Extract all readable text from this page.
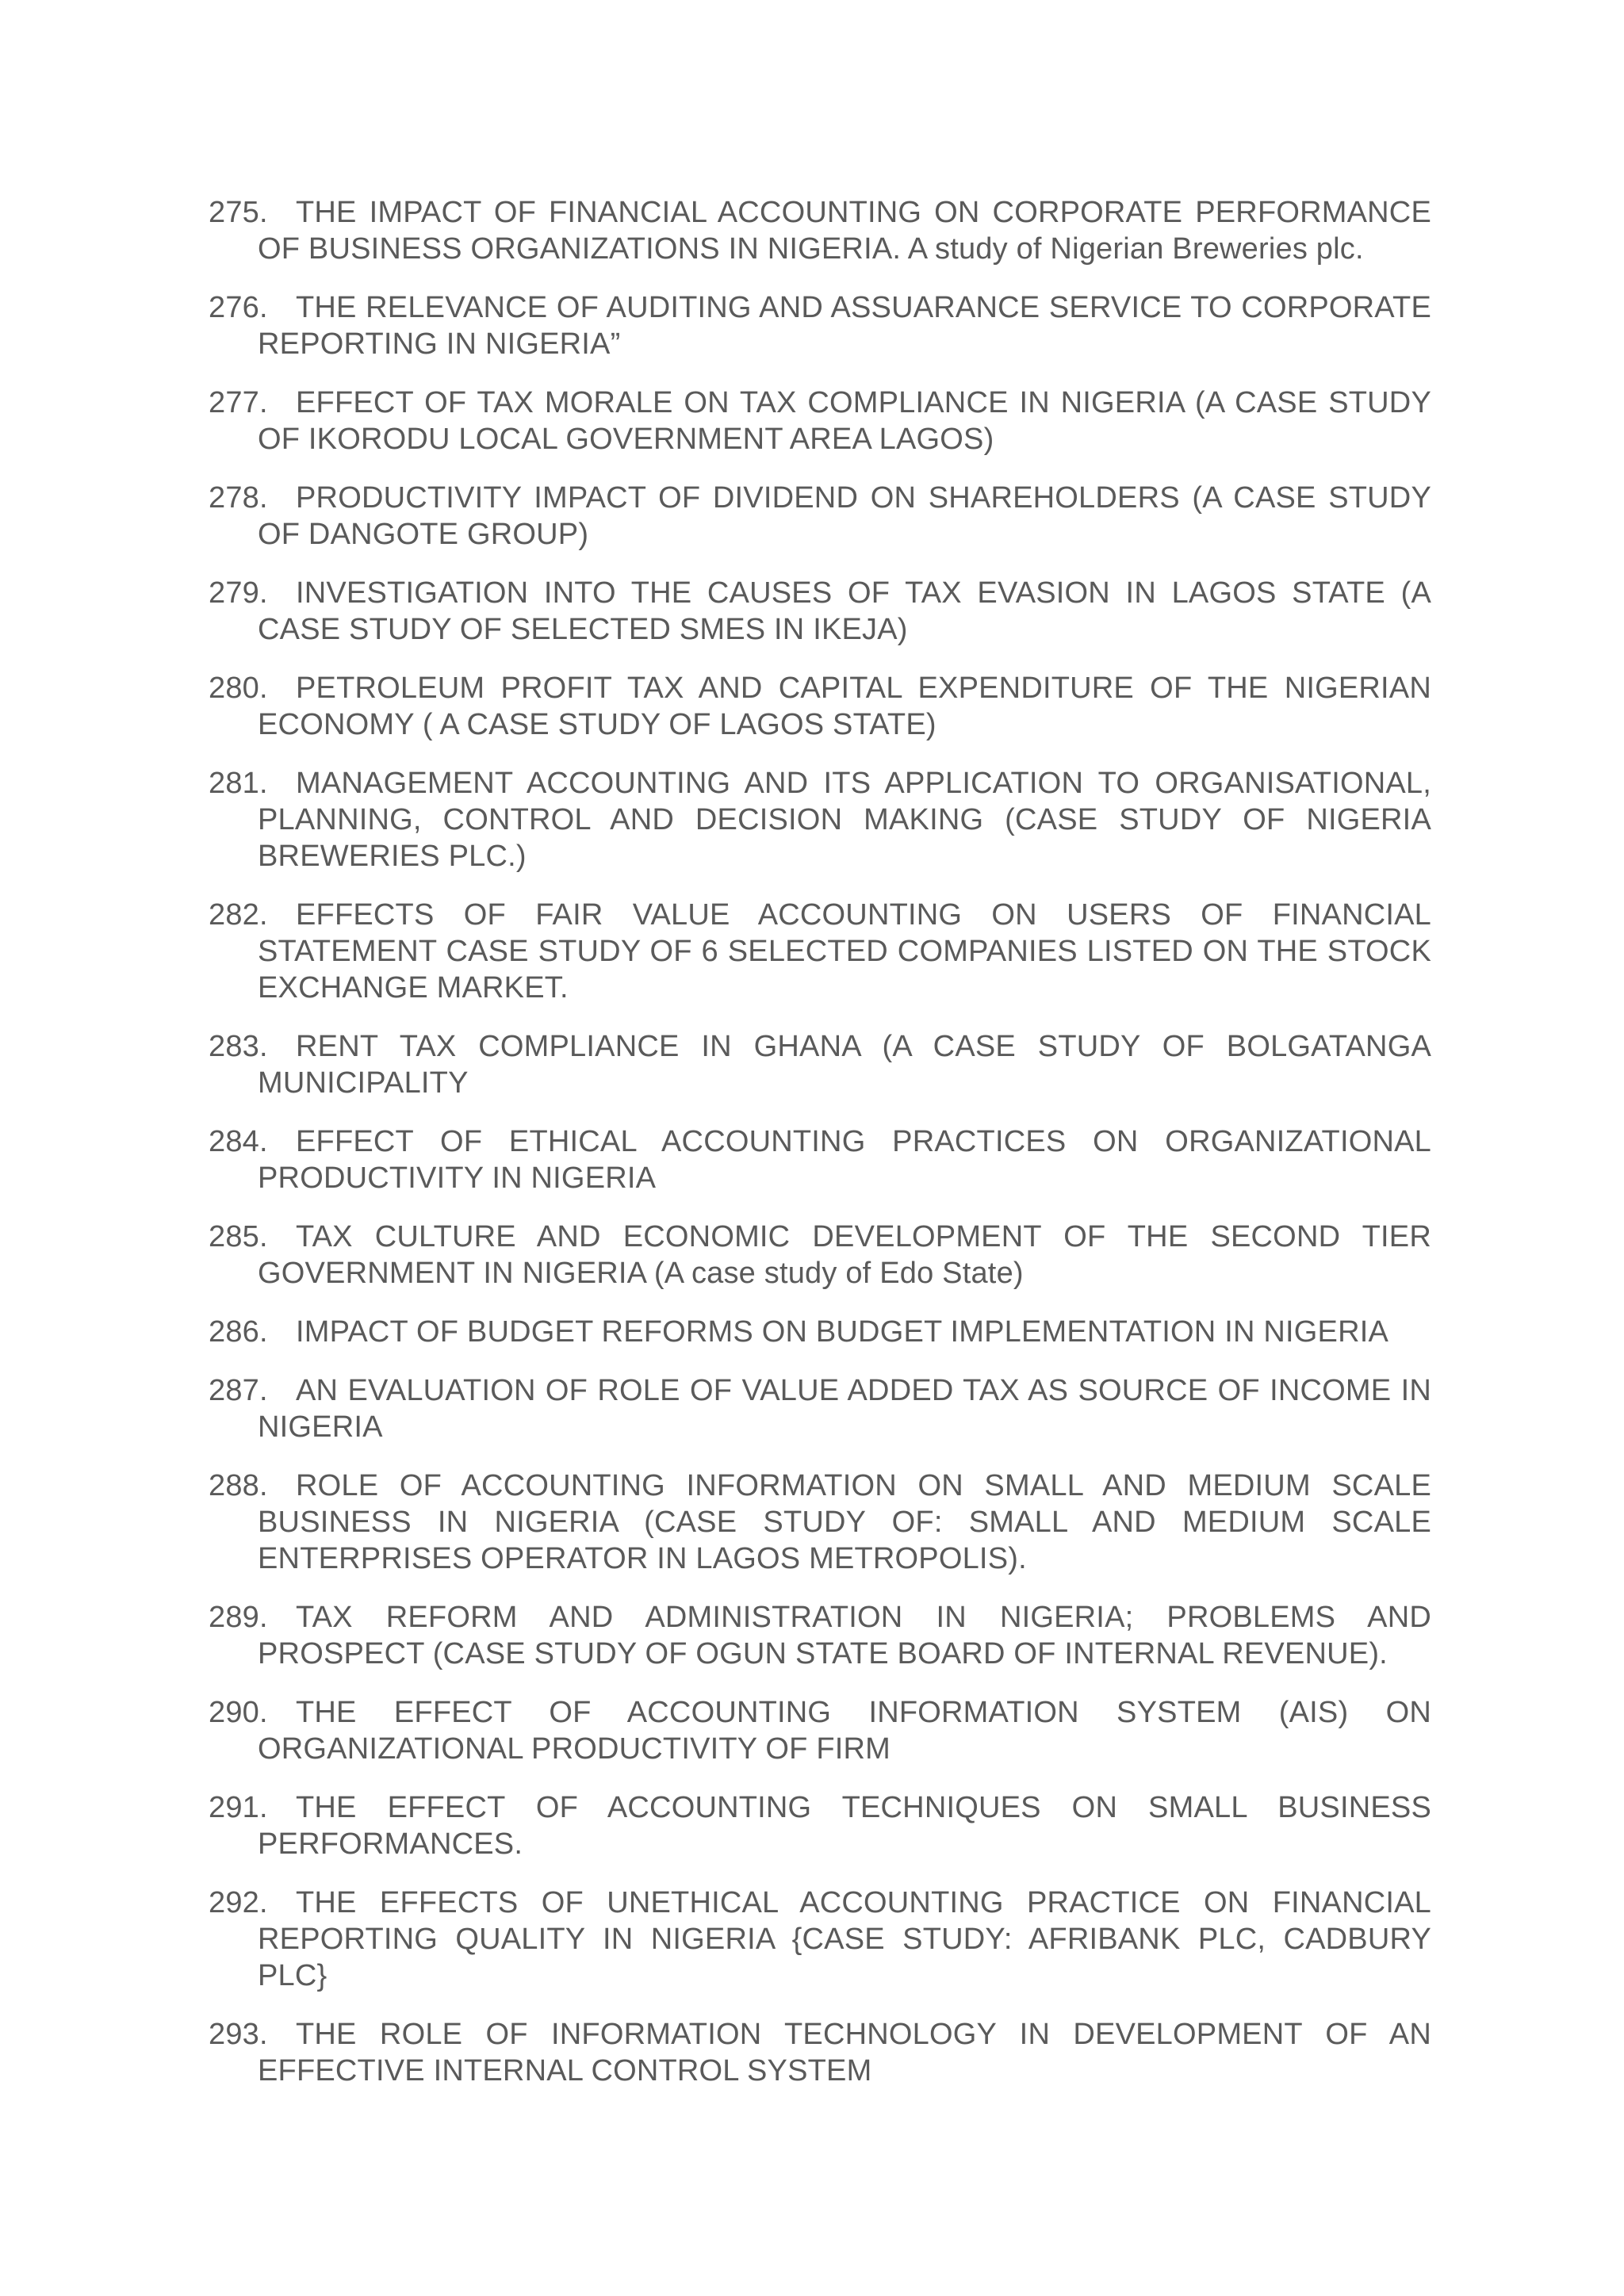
275. THE IMPACT OF FINANCIAL ACCOUNTING ON CORPORATE PERFORMANCE OF BUSINESS ORGANIZATIONS IN NIGERIA. A study of Nigerian Breweries plc.
276. THE RELEVANCE OF AUDITING AND ASSUARANCE SERVICE TO CORPORATE REPORTING IN NIGERIA”
277. EFFECT OF TAX MORALE ON TAX COMPLIANCE IN NIGERIA (A CASE STUDY OF IKORODU LOCAL GOVERNMENT AREA LAGOS)
278. PRODUCTIVITY IMPACT OF DIVIDEND ON SHAREHOLDERS (A CASE STUDY OF DANGOTE GROUP)
279. INVESTIGATION INTO THE CAUSES OF TAX EVASION IN LAGOS STATE (A CASE STUDY OF SELECTED SMES IN IKEJA)
280. PETROLEUM PROFIT TAX AND CAPITAL EXPENDITURE OF THE NIGERIAN ECONOMY ( A CASE STUDY OF LAGOS STATE)
281. MANAGEMENT ACCOUNTING AND ITS APPLICATION TO ORGANISATIONAL, PLANNING, CONTROL AND DECISION MAKING (CASE STUDY OF NIGERIA BREWERIES PLC.)
282. EFFECTS OF FAIR VALUE ACCOUNTING ON USERS OF FINANCIAL STATEMENT CASE STUDY OF 6 SELECTED COMPANIES LISTED ON THE STOCK EXCHANGE MARKET.
283. RENT TAX COMPLIANCE IN GHANA (A CASE STUDY OF BOLGATANGA MUNICIPALITY
284. EFFECT OF ETHICAL ACCOUNTING PRACTICES ON ORGANIZATIONAL PRODUCTIVITY IN NIGERIA
285. TAX CULTURE AND ECONOMIC DEVELOPMENT OF THE SECOND TIER GOVERNMENT IN NIGERIA (A case study of Edo State)
286. IMPACT OF BUDGET REFORMS ON BUDGET IMPLEMENTATION IN NIGERIA
287. AN EVALUATION OF ROLE OF VALUE ADDED TAX AS SOURCE OF INCOME IN NIGERIA
288. ROLE OF ACCOUNTING INFORMATION ON SMALL AND MEDIUM SCALE BUSINESS IN NIGERIA (CASE STUDY OF: SMALL AND MEDIUM SCALE ENTERPRISES OPERATOR IN LAGOS METROPOLIS).
289. TAX REFORM AND ADMINISTRATION IN NIGERIA; PROBLEMS AND PROSPECT (CASE STUDY OF OGUN STATE BOARD OF INTERNAL REVENUE).
290. THE EFFECT OF ACCOUNTING INFORMATION SYSTEM (AIS) ON ORGANIZATIONAL PRODUCTIVITY OF FIRM
291. THE EFFECT OF ACCOUNTING TECHNIQUES ON SMALL BUSINESS PERFORMANCES.
292. THE EFFECTS OF UNETHICAL ACCOUNTING PRACTICE ON FINANCIAL REPORTING QUALITY IN NIGERIA {CASE STUDY: AFRIBANK PLC, CADBURY PLC}
293. THE ROLE OF INFORMATION TECHNOLOGY IN DEVELOPMENT OF AN EFFECTIVE INTERNAL CONTROL SYSTEM
